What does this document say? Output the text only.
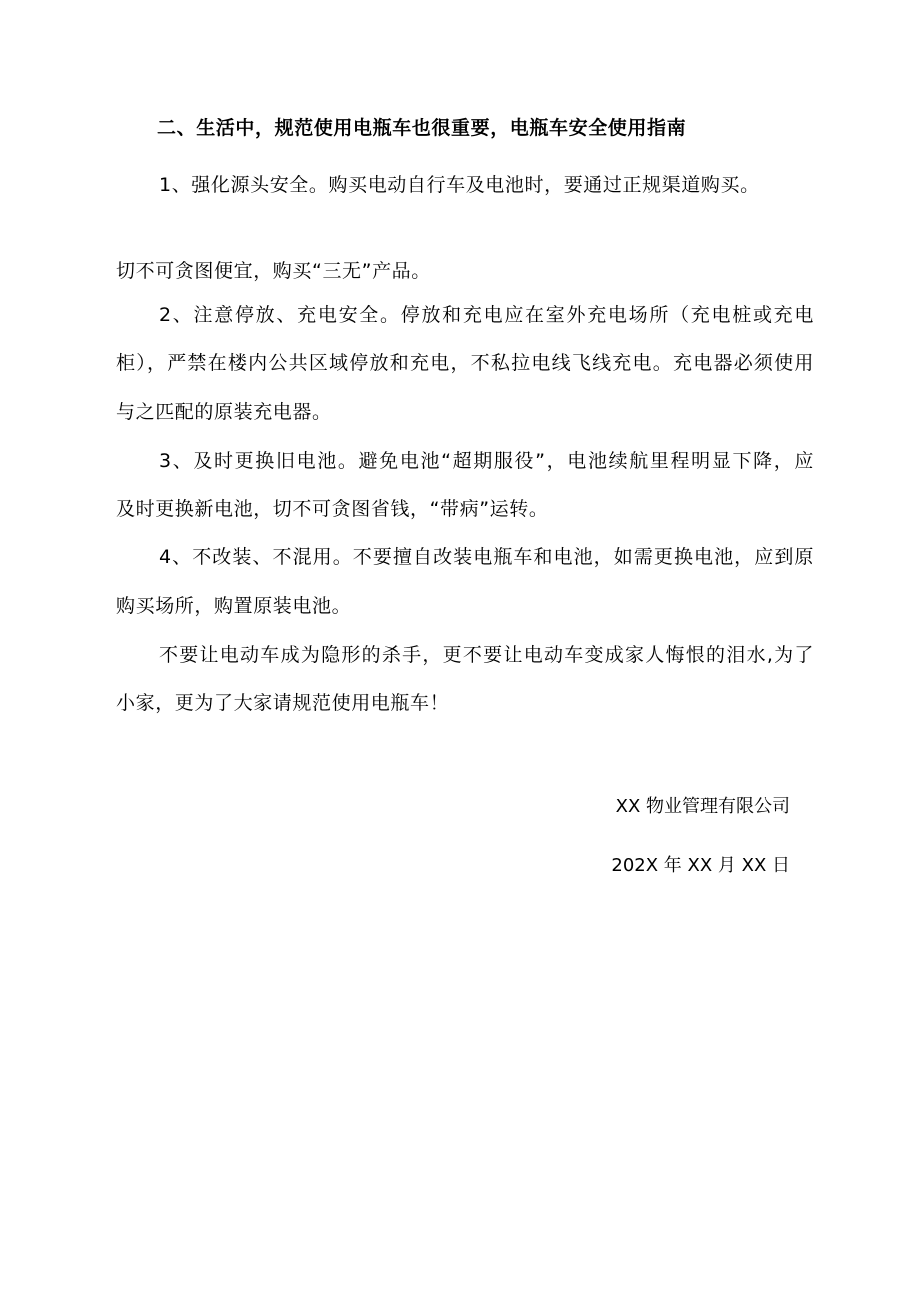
二、生活中，规范使用电瓶车也很重要，电瓶车安全使用指南
1、强化源头安全。购买电动自行车及电池时，要通过正规渠道购买。
切不可贪图便宜，购买“三无”产品。
2、注意停放、充电安全。停放和充电应在室外充电场所（充电桩或充电
柜），严禁在楼内公共区域停放和充电，不私拉电线飞线充电。充电器必须使用
与之匹配的原装充电器。
3、及时更换旧电池。避免电池“超期服役”，电池续航里程明显下降，应
及时更换新电池，切不可贪图省钱，“带病”运转。
4、不改装、不混用。不要擅自改装电瓶车和电池，如需更换电池，应到原
购买场所，购置原装电池。
不要让电动车成为隐形的杀手，更不要让电动车变成家人悔恨的泪水,为了
小家，更为了大家请规范使用电瓶车！
XX 物业管理有限公司
202X 年 XX 月 XX 日
